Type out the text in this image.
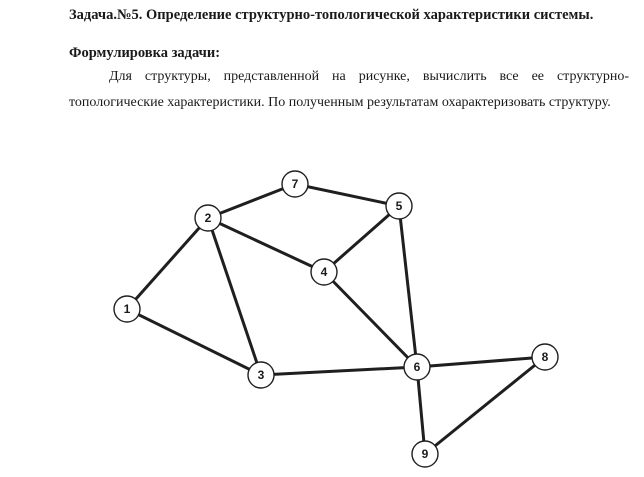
Задача.№5. Определение структурно-топологической характеристики системы.
Формулировка задачи:
Для структуры, представленной на рисунке, вычислить все ее структурно-топологические характеристики. По полученным результатам охарактеризовать структуру.
1
2
3
4
5
6
7
8
9
